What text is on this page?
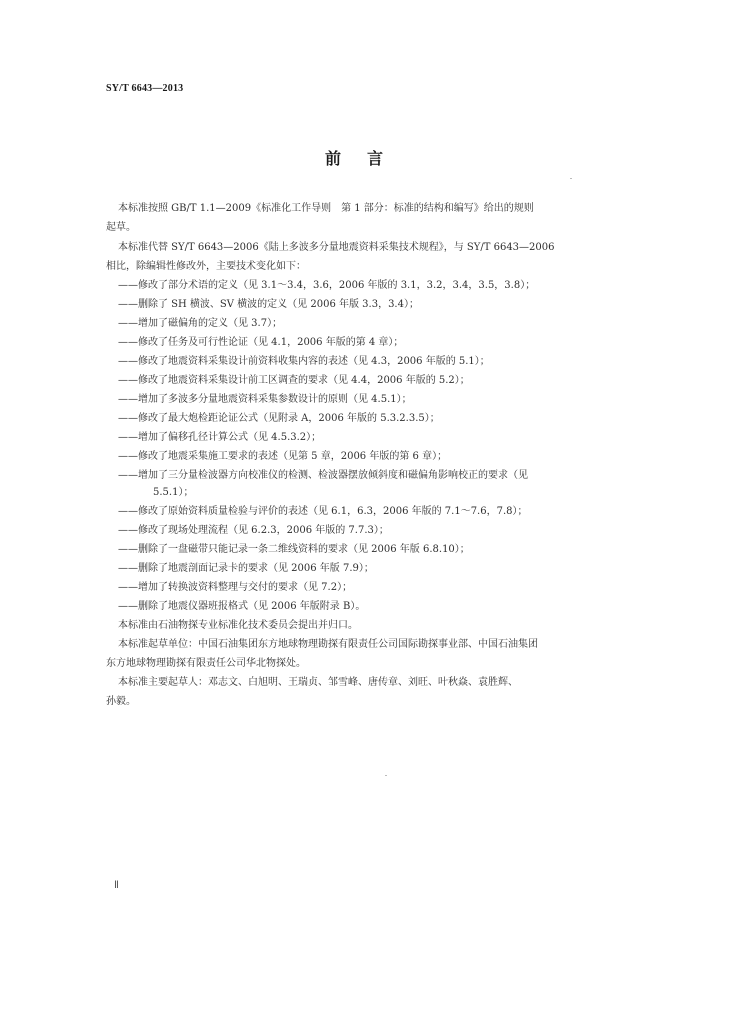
SY/T 6643—2013
前言
本标准按照 GB/T 1.1—2009《标准化工作导则　第 1 部分：标准的结构和编写》给出的规则
起草。
本标准代替 SY/T 6643—2006《陆上多波多分量地震资料采集技术规程》，与 SY/T 6643—2006
相比，除编辑性修改外，主要技术变化如下：
——修改了部分术语的定义（见 3.1～3.4，3.6，2006 年版的 3.1，3.2，3.4，3.5，3.8）；
——删除了 SH 横波、SV 横波的定义（见 2006 年版 3.3，3.4）；
——增加了磁偏角的定义（见 3.7）；
——修改了任务及可行性论证（见 4.1，2006 年版的第 4 章）；
——修改了地震资料采集设计前资料收集内容的表述（见 4.3，2006 年版的 5.1）；
——修改了地震资料采集设计前工区调查的要求（见 4.4，2006 年版的 5.2）；
——增加了多波多分量地震资料采集参数设计的原则（见 4.5.1）；
——修改了最大炮检距论证公式（见附录 A，2006 年版的 5.3.2.3.5）；
——增加了偏移孔径计算公式（见 4.5.3.2）；
——修改了地震采集施工要求的表述（见第 5 章，2006 年版的第 6 章）；
——增加了三分量检波器方向校准仪的检测、检波器摆放倾斜度和磁偏角影响校正的要求（见
5.5.1）；
——修改了原始资料质量检验与评价的表述（见 6.1，6.3，2006 年版的 7.1～7.6，7.8）；
——修改了现场处理流程（见 6.2.3，2006 年版的 7.7.3）；
——删除了一盘磁带只能记录一条二维线资料的要求（见 2006 年版 6.8.10）；
——删除了地震剖面记录卡的要求（见 2006 年版 7.9）；
——增加了转换波资料整理与交付的要求（见 7.2）；
——删除了地震仪器班报格式（见 2006 年版附录 B）。
本标准由石油物探专业标准化技术委员会提出并归口。
本标准起草单位：中国石油集团东方地球物理勘探有限责任公司国际勘探事业部、中国石油集团
东方地球物理勘探有限责任公司华北物探处。
本标准主要起草人：邓志文、白旭明、王瑞贞、邹雪峰、唐传章、刘旺、叶秋焱、袁胜辉、
孙毅。
Ⅱ
